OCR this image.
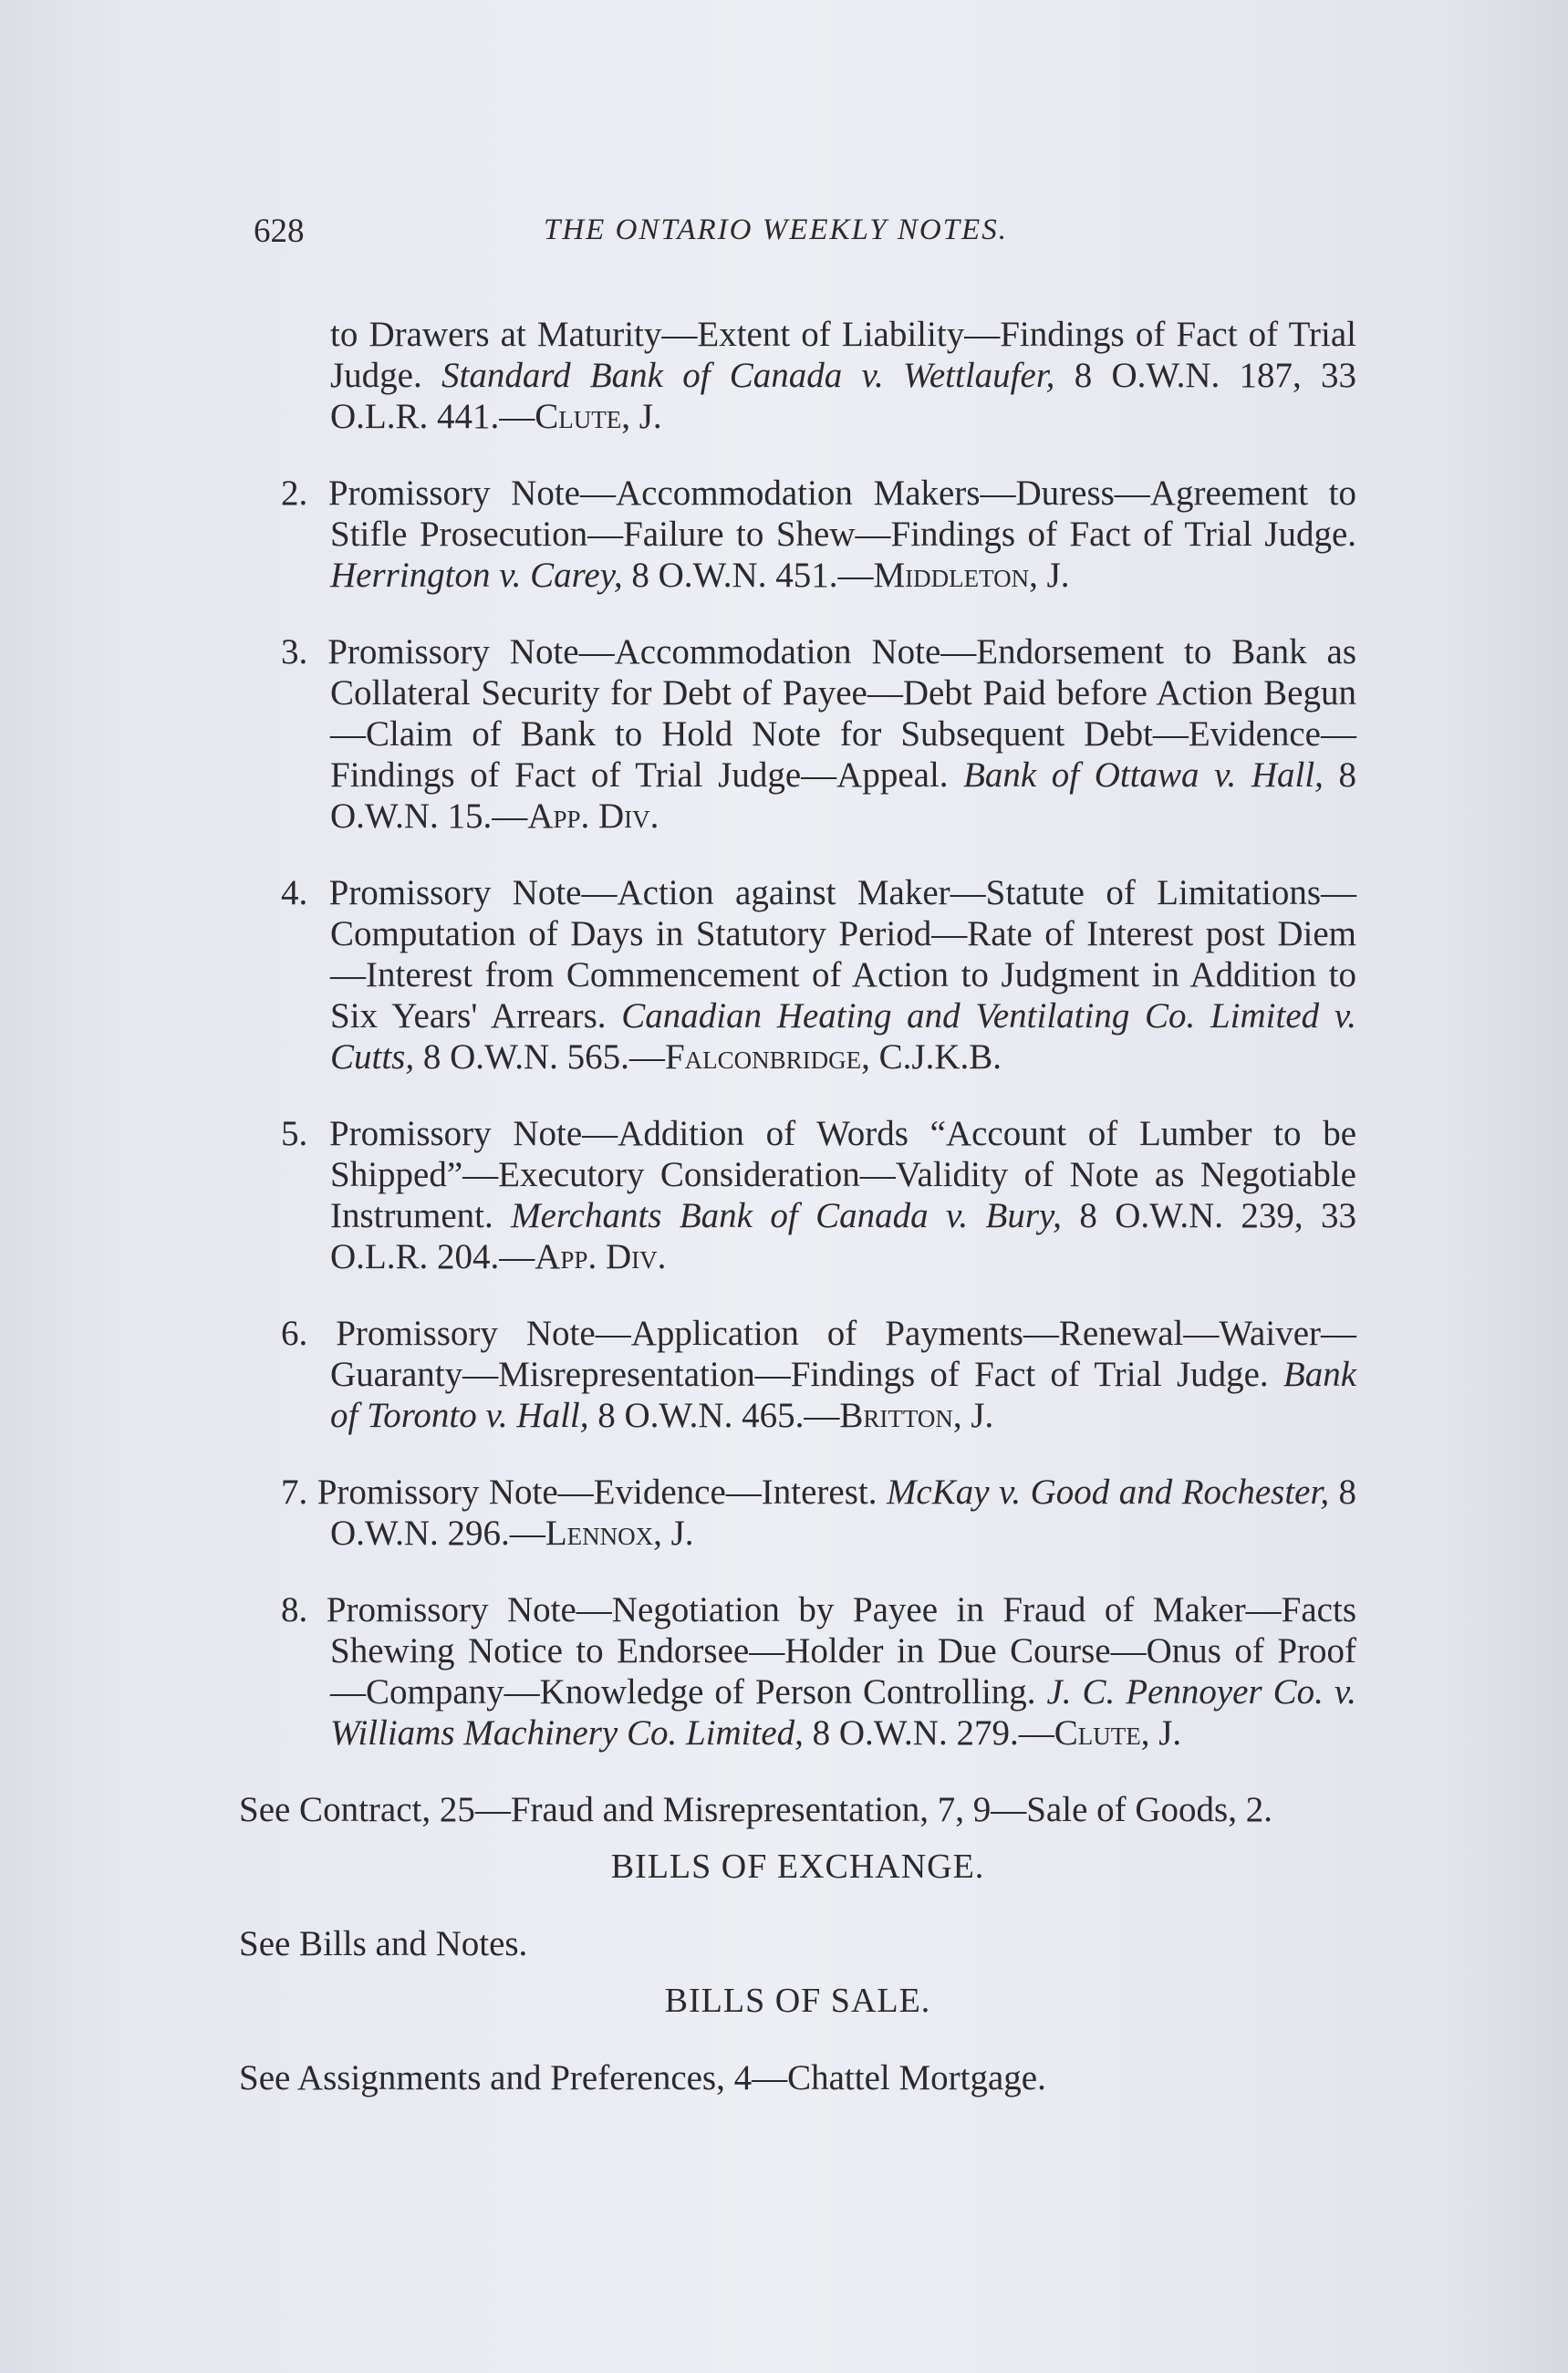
628	THE ONTARIO WEEKLY NOTES.

to Drawers at Maturity—Extent of Liability—Findings of Fact of Trial Judge. Standard Bank of Canada v. Wettlaufer, 8 O.W.N. 187, 33 O.L.R. 441.—Clute, J.

2. Promissory Note—Accommodation Makers—Duress—Agreement to Stifle Prosecution—Failure to Shew—Findings of Fact of Trial Judge. Herrington v. Carey, 8 O.W.N. 451.—Middleton, J.

3. Promissory Note—Accommodation Note—Endorsement to Bank as Collateral Security for Debt of Payee—Debt Paid before Action Begun—Claim of Bank to Hold Note for Subsequent Debt—Evidence—Findings of Fact of Trial Judge—Appeal. Bank of Ottawa v. Hall, 8 O.W.N. 15.—App. Div.

4. Promissory Note—Action against Maker—Statute of Limitations—Computation of Days in Statutory Period—Rate of Interest post Diem—Interest from Commencement of Action to Judgment in Addition to Six Years' Arrears. Canadian Heating and Ventilating Co. Limited v. Cutts, 8 O.W.N. 565.—Falconbridge, C.J.K.B.

5. Promissory Note—Addition of Words “Account of Lumber to be Shipped”—Executory Consideration—Validity of Note as Negotiable Instrument. Merchants Bank of Canada v. Bury, 8 O.W.N. 239, 33 O.L.R. 204.—App. Div.

6. Promissory Note—Application of Payments—Renewal—Waiver—Guaranty—Misrepresentation—Findings of Fact of Trial Judge. Bank of Toronto v. Hall, 8 O.W.N. 465.—Britton, J.

7. Promissory Note—Evidence—Interest. McKay v. Good and Rochester, 8 O.W.N. 296.—Lennox, J.

8. Promissory Note—Negotiation by Payee in Fraud of Maker—Facts Shewing Notice to Endorsee—Holder in Due Course—Onus of Proof—Company—Knowledge of Person Controlling. J. C. Pennoyer Co. v. Williams Machinery Co. Limited, 8 O.W.N. 279.—Clute, J.

See Contract, 25—Fraud and Misrepresentation, 7, 9—Sale of Goods, 2.

BILLS OF EXCHANGE.

See Bills and Notes.

BILLS OF SALE.

See Assignments and Preferences, 4—Chattel Mortgage.
